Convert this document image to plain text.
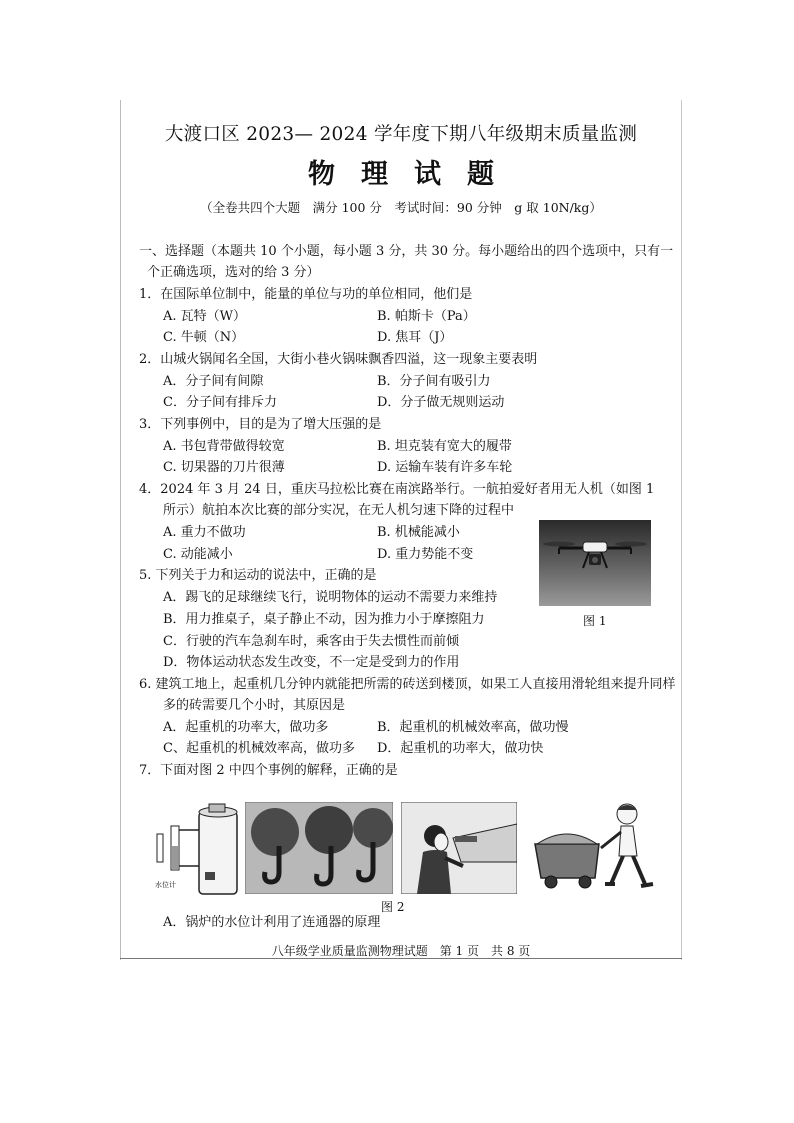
大渡口区 2023— 2024 学年度下期八年级期末质量监测
物理试题
（全卷共四个大题　满分 100 分　考试时间：90 分钟　g 取 10N/kg）
一、选择题（本题共 10 个小题，每小题 3 分，共 30 分。每小题给出的四个选项中，只有一
个正确选项，选对的给 3 分）
1．在国际单位制中，能量的单位与功的单位相同，他们是
A. 瓦特（W）	B. 帕斯卡（Pa）
C. 牛顿（N）	D. 焦耳（J）
2．山城火锅闻名全国，大街小巷火锅味飘香四溢，这一现象主要表明
A．分子间有间隙	B．分子间有吸引力
C．分子间有排斥力	D．分子做无规则运动
3．下列事例中，目的是为了增大压强的是
A. 书包背带做得较宽	B. 坦克装有宽大的履带
C. 切果器的刀片很薄	D. 运输车装有许多车轮
4．2024 年 3 月 24 日，重庆马拉松比赛在南滨路举行。一航拍爱好者用无人机（如图 1
所示）航拍本次比赛的部分实况，在无人机匀速下降的过程中
A. 重力不做功	B. 机械能减小
C. 动能减小	D. 重力势能不变
图 1
5. 下列关于力和运动的说法中，正确的是
A．踢飞的足球继续飞行，说明物体的运动不需要力来维持
B．用力推桌子，桌子静止不动，因为推力小于摩擦阻力
C．行驶的汽车急刹车时，乘客由于失去惯性而前倾
D．物体运动状态发生改变，不一定是受到力的作用
6. 建筑工地上，起重机几分钟内就能把所需的砖送到楼顶，如果工人直接用滑轮组来提升同样
多的砖需要几个小时，其原因是
A．起重机的功率大，做功多	B．起重机的机械效率高，做功慢
C、起重机的机械效率高，做功多 D．起重机的功率大，做功快
7．下面对图 2 中四个事例的解释，正确的是
水位计
图 2
A．锅炉的水位计利用了连通器的原理
八年级学业质量监测物理试题　第 1 页　共 8 页
